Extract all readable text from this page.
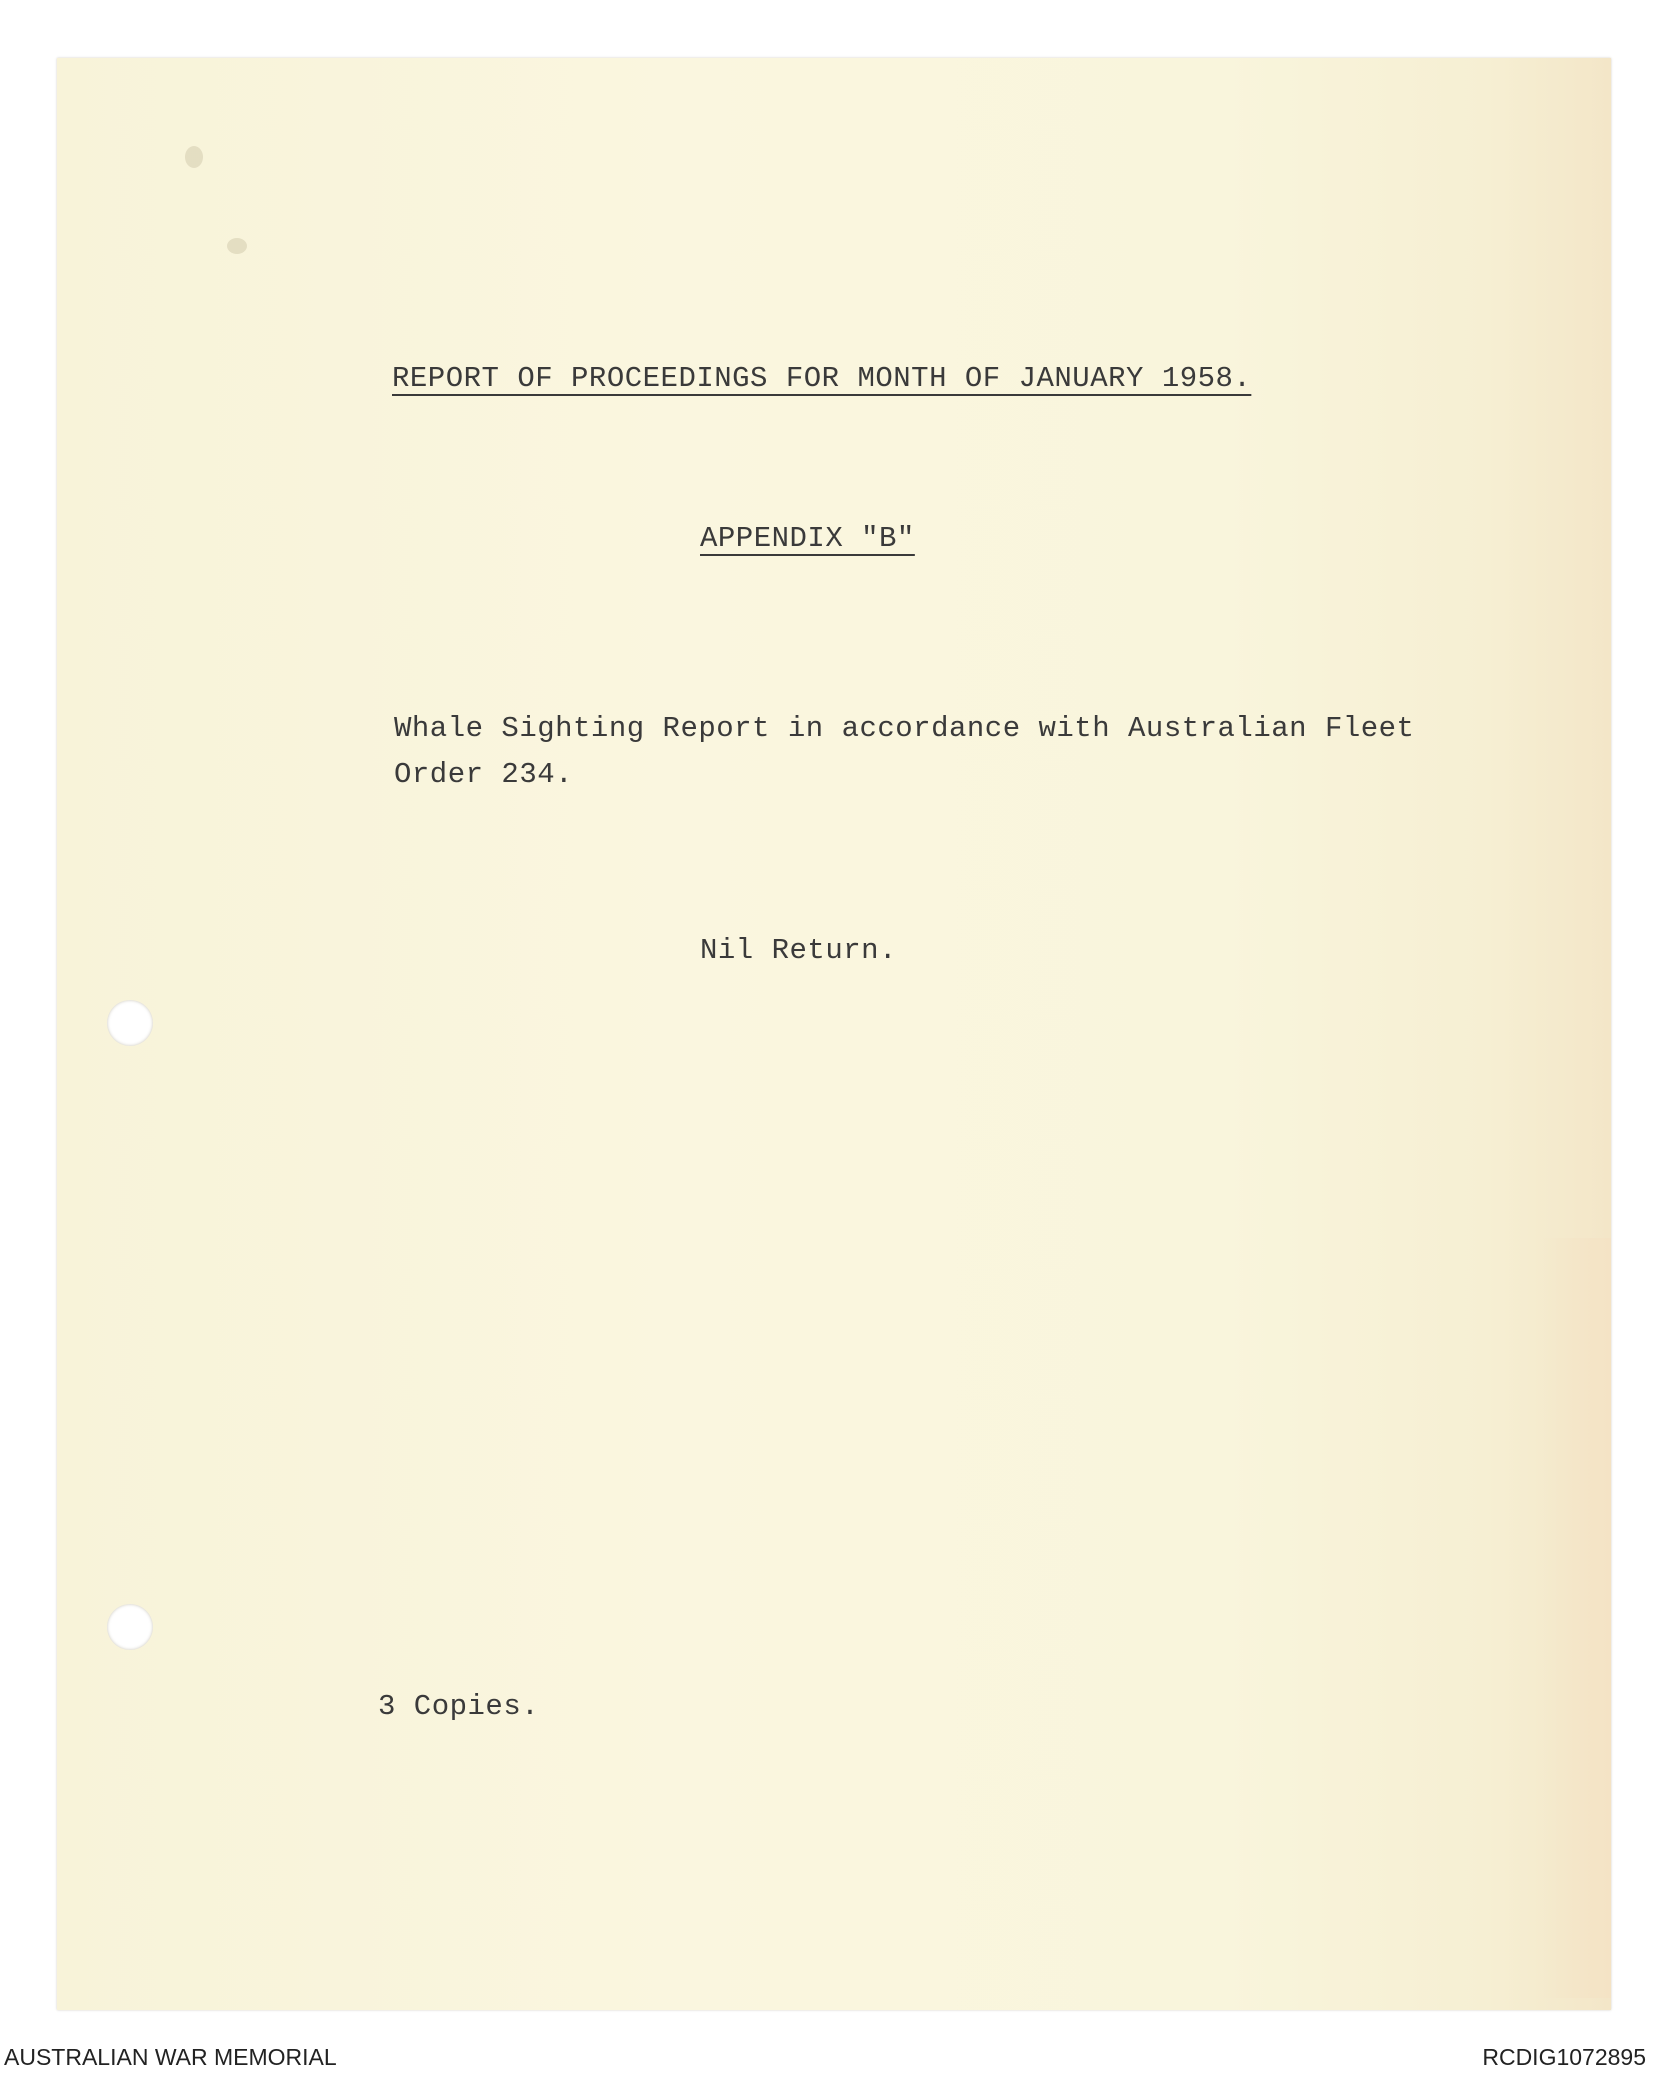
REPORT OF PROCEEDINGS FOR MONTH OF JANUARY 1958.
APPENDIX "B"
Whale Sighting Report in accordance with Australian Fleet
Order 234.
Nil Return.
3 Copies.
AUSTRALIAN WAR MEMORIAL	RCDIG1072895
